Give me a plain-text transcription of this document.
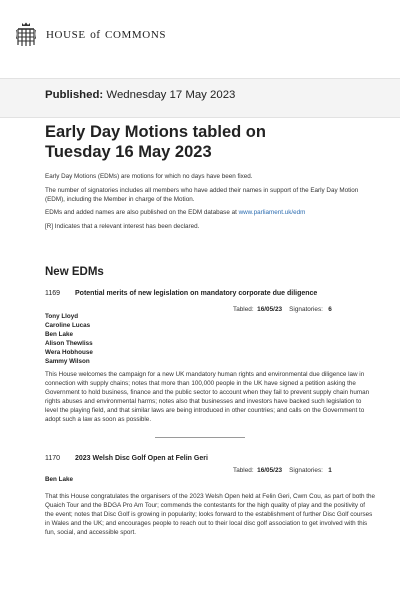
house of commons
Published: Wednesday 17 May 2023
Early Day Motions tabled on
Tuesday 16 May 2023

Early Day Motions (EDMs) are motions for which no days have been fixed.

The number of signatories includes all members who have added their names in support of the Early Day Motion (EDM), including the Member in charge of the Motion.

EDMs and added names are also published on the EDM database at www.parliament.uk/edm

[R] Indicates that a relevant interest has been declared.

New EDMs
1169 Potential merits of new legislation on mandatory corporate due diligence
Tabled: 16/05/23 Signatories: 6
Tony Lloyd
Caroline Lucas
Ben Lake
Alison Thewliss
Wera Hobhouse
Sammy Wilson
This House welcomes the campaign for a new UK mandatory human rights and environmental due diligence law in connection with supply chains; notes that more than 100,000 people in the UK have signed a petition asking the Government to hold business, finance and the public sector to account when they fail to prevent supply chain human rights abuses and environmental harms; notes also that businesses and investors have backed such legislation to level the playing field, and that similar laws are being introduced in other countries; and calls on the Government to adopt such a law as soon as possible.
1170 2023 Welsh Disc Golf Open at Felin Geri
Tabled: 16/05/23 Signatories: 1
Ben Lake
That this House congratulates the organisers of the 2023 Welsh Open held at Felin Geri, Cwm Cou, as part of both the Quaich Tour and the BDGA Pro Am Tour; commends the contestants for the high quality of play and the positivity of the event; notes that Disc Golf is growing in popularity; looks forward to the establishment of further Disc Golf courses in Wales and the UK; and encourages people to reach out to their local disc golf association to get involved with this fun, social, and accessible sport.
